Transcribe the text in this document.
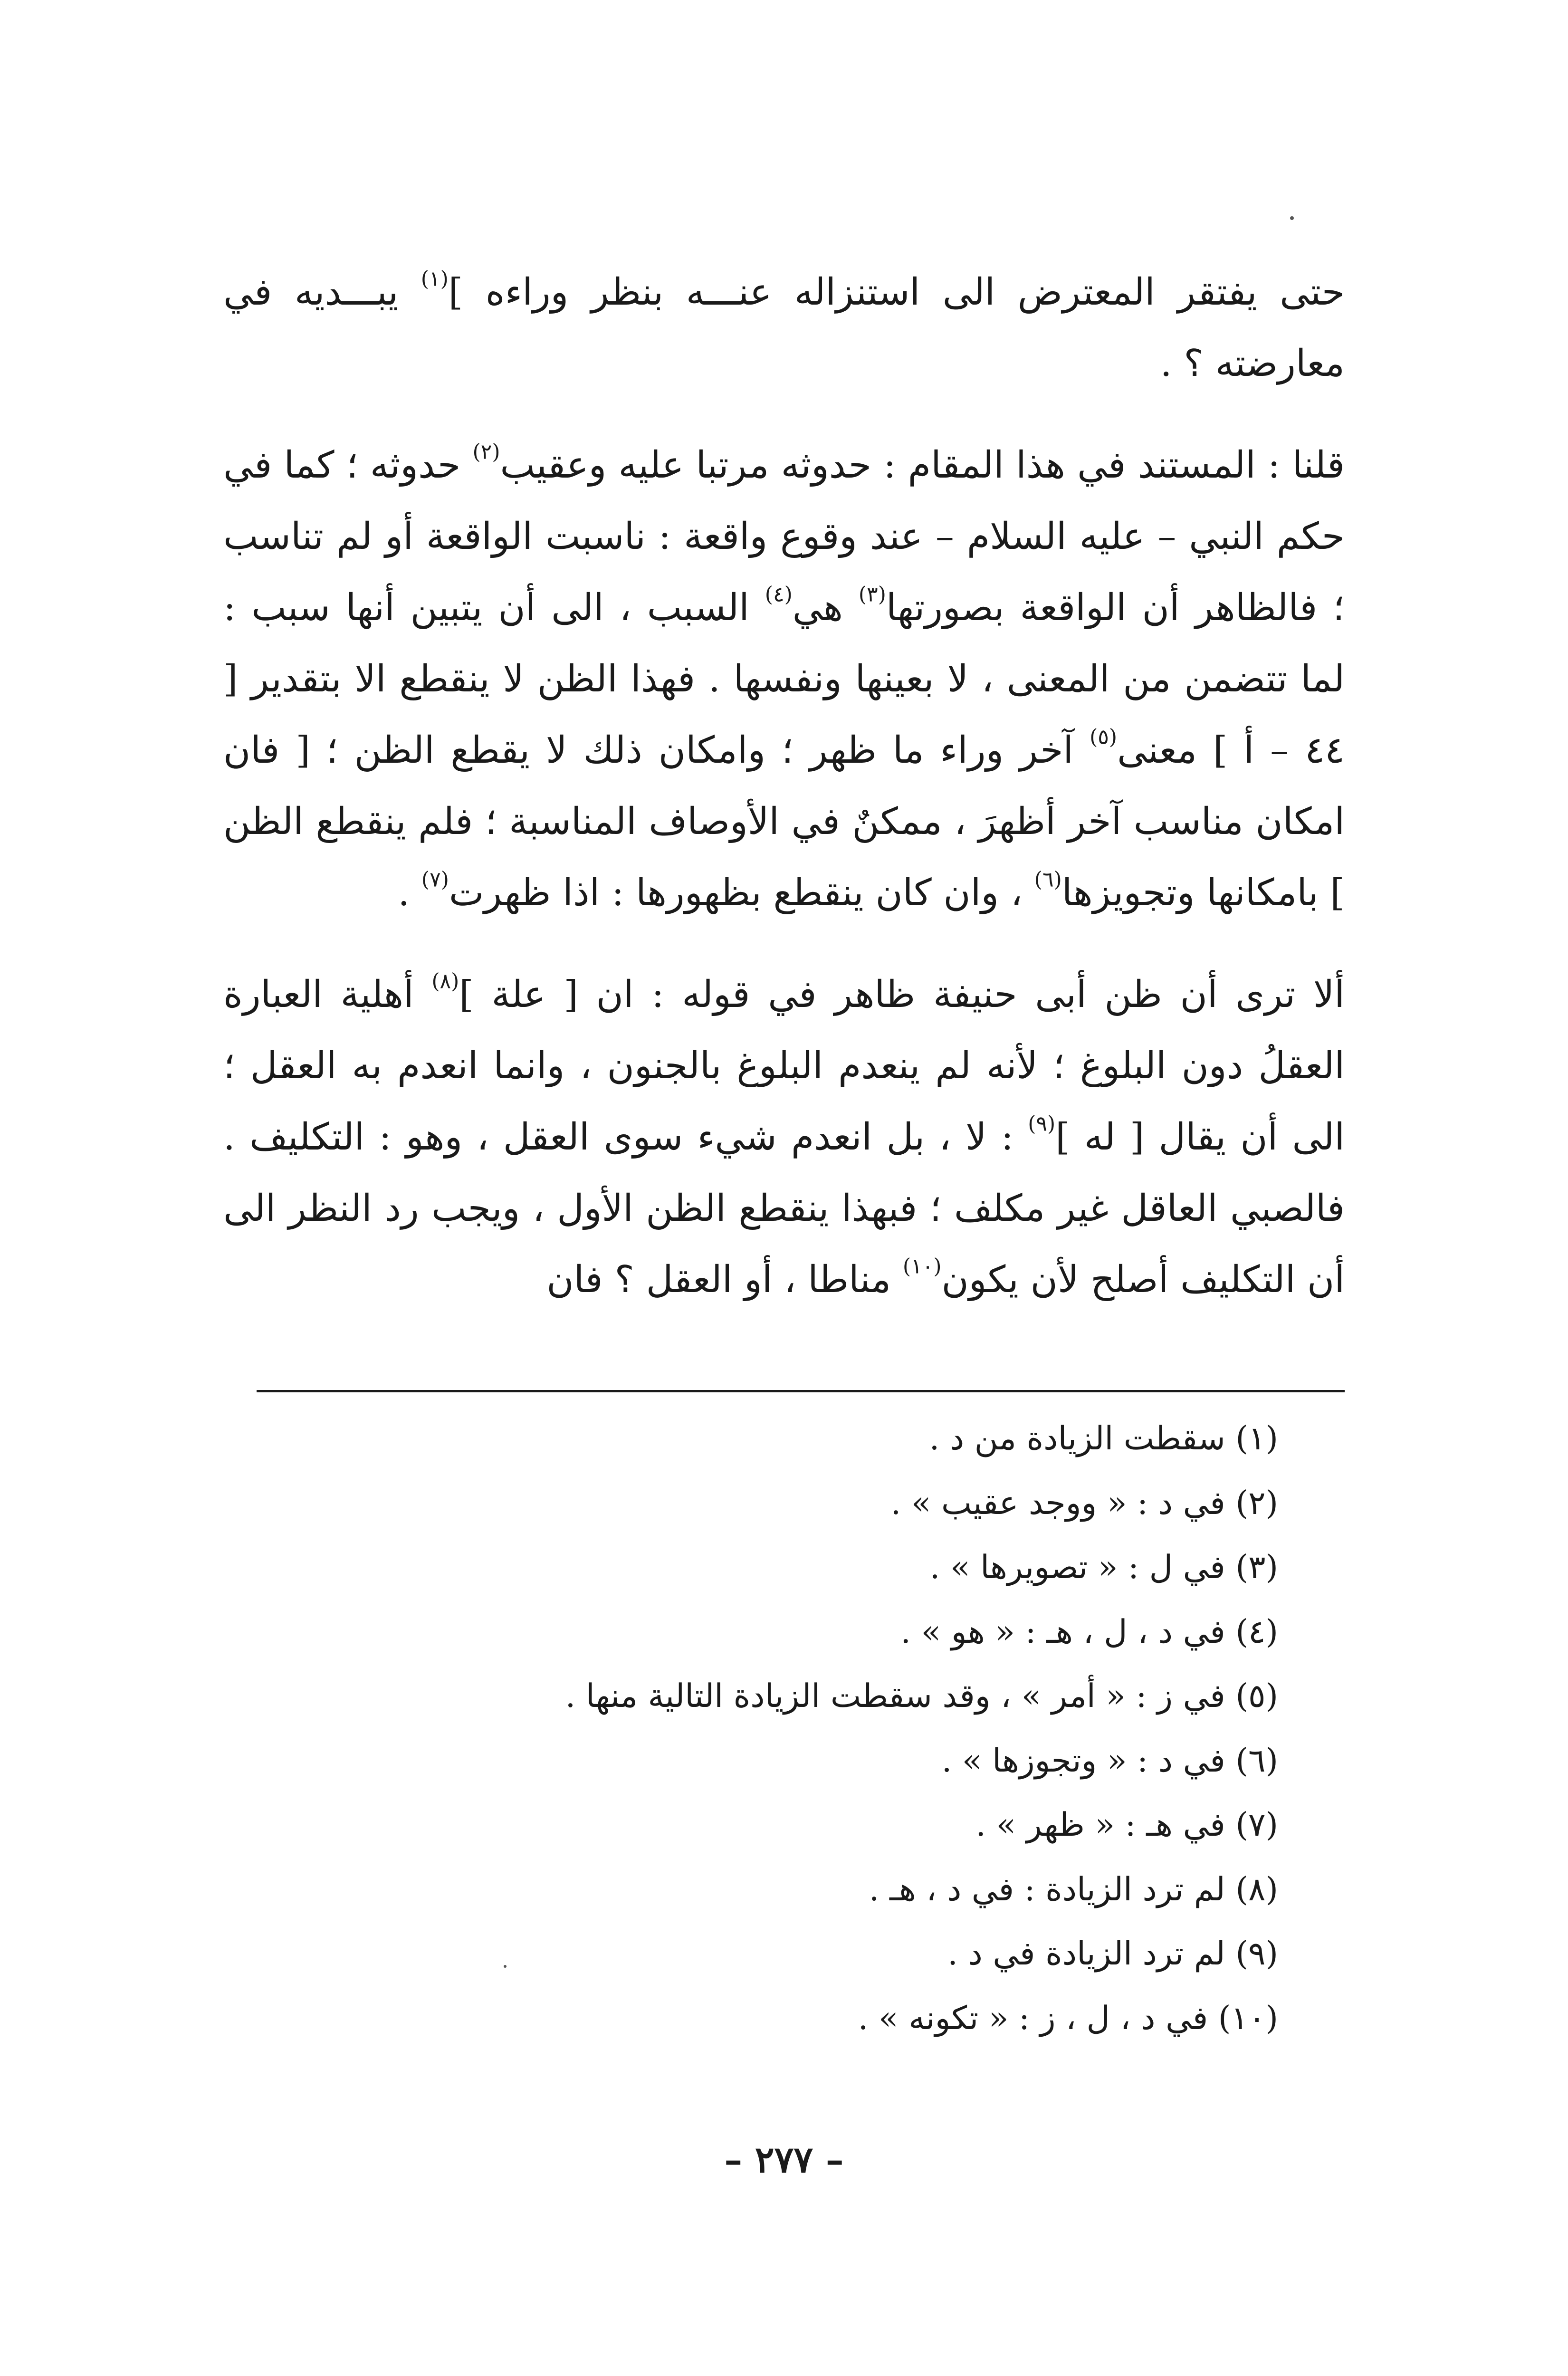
حتى يفتقر المعترض الى استنزاله عنـــه بنظر وراءه ]$^{(١)}$ يبـــديه في معارضته ؟ .

قلنا : المستند في هذا المقام : حدوثه مرتبا عليه وعقيب$^{(٢)}$ حدوثه ؛ كما في حكم النبي – عليه السلام – عند وقوع واقعة : ناسبت الواقعة أو لم تناسب ؛ فالظاهر أن الواقعة بصورتها$^{(٣)}$ هي$^{(٤)}$ السبب ، الى أن يتبين أنها سبب : لما تتضمن من المعنى ، لا بعينها ونفسها . فهذا الظن لا ينقطع الا بتقدير [ ٤٤ – أ ] معنى$^{(٥)}$ آخر وراء ما ظهر ؛ وامكان ذلك لا يقطع الظن ؛ [ فان امكان مناسب آخر أظهرَ ، ممكنٌ في الأوصاف المناسبة ؛ فلم ينقطع الظن ] بامكانها وتجويزها$^{(٦)}$ ، وان كان ينقطع بظهورها : اذا ظهرت$^{(٧)}$ .

ألا ترى أن ظن أبى حنيفة ظاهر في قوله : ان [ علة ]$^{(٨)}$ أهلية العبارة العقلُ دون البلوغ ؛ لأنه لم ينعدم البلوغ بالجنون ، وانما انعدم به العقل ؛ الى أن يقال [ له ]$^{(٩)}$ : لا ، بل انعدم شيء سوى العقل ، وهو : التكليف . فالصبي العاقل غير مكلف ؛ فبهذا ينقطع الظن الأول ، ويجب رد النظر الى أن التكليف أصلح لأن يكون$^{(١٠)}$ مناطا ، أو العقل ؟ فان

(١) سقطت الزيادة من د .
(٢) في د : « ووجد عقيب » .
(٣) في ل : « تصويرها » .
(٤) في د ، ل ، هـ : « هو » .
(٥) في ز : « أمر » ، وقد سقطت الزيادة التالية منها .
(٦) في د : « وتجوزها » .
(٧) في هـ : « ظهر » .
(٨) لم ترد الزيادة : في د ، هـ .
(٩) لم ترد الزيادة في د .
(١٠) في د ، ل ، ز : « تكونه » .
– ٢٧٧ –
